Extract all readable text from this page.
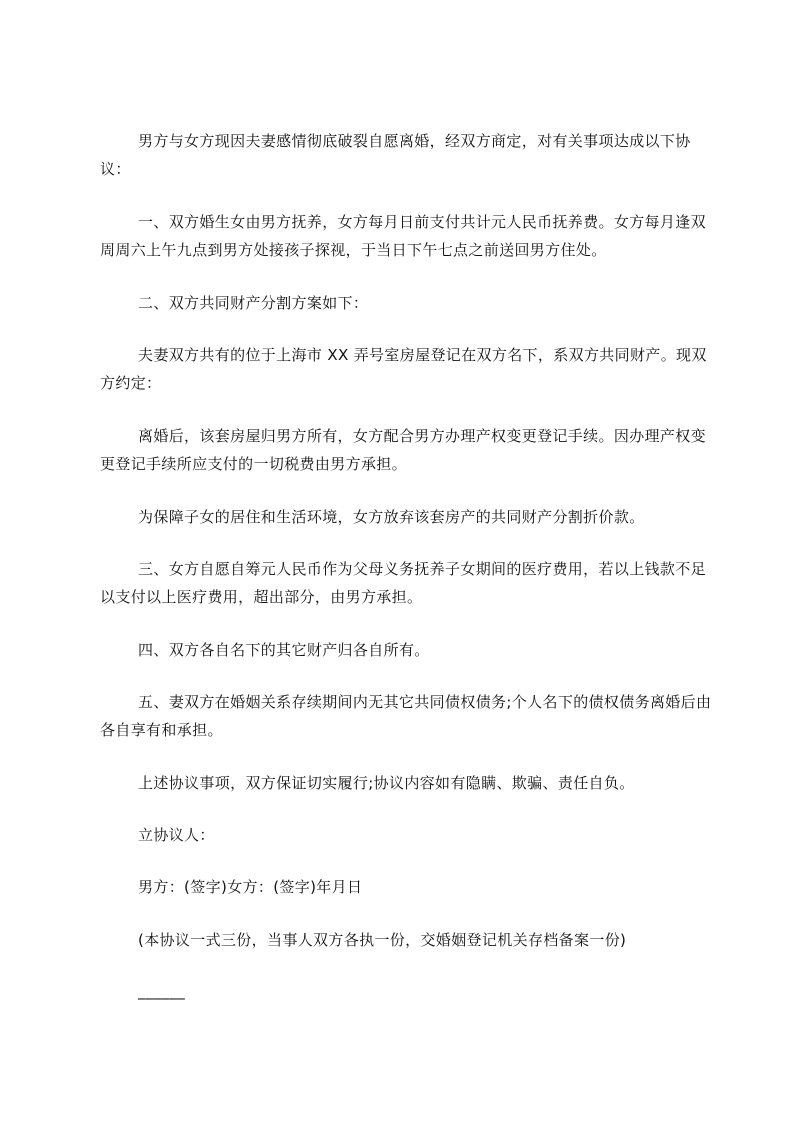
男方与女方现因夫妻感情彻底破裂自愿离婚，经双方商定，对有关事项达成以下协议：

一、双方婚生女由男方抚养，女方每月日前支付共计元人民币抚养费。女方每月逢双周周六上午九点到男方处接孩子探视，于当日下午七点之前送回男方住处。

二、双方共同财产分割方案如下：

夫妻双方共有的位于上海市 XX 弄号室房屋登记在双方名下，系双方共同财产。现双方约定：

离婚后，该套房屋归男方所有，女方配合男方办理产权变更登记手续。因办理产权变更登记手续所应支付的一切税费由男方承担。

为保障子女的居住和生活环境，女方放弃该套房产的共同财产分割折价款。

三、女方自愿自筹元人民币作为父母义务抚养子女期间的医疗费用，若以上钱款不足以支付以上医疗费用，超出部分，由男方承担。

四、双方各自名下的其它财产归各自所有。

五、妻双方在婚姻关系存续期间内无其它共同债权债务;个人名下的债权债务离婚后由各自享有和承担。

上述协议事项，双方保证切实履行;协议内容如有隐瞒、欺骗、责任自负。

立协议人：

男方：(签字)女方：(签字)年月日

(本协议一式三份，当事人双方各执一份，交婚姻登记机关存档备案一份)

______
